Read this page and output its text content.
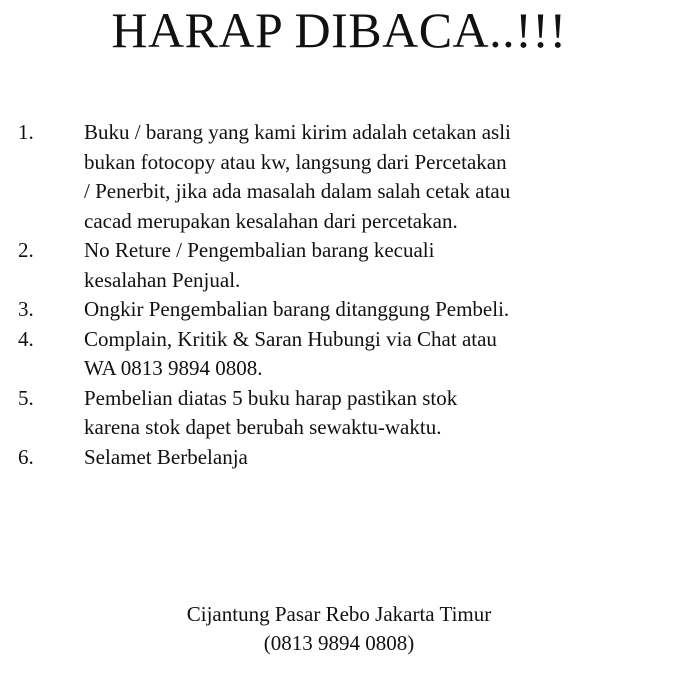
HARAP DIBACA..!!!
1. Buku / barang yang kami kirim adalah cetakan asli
bukan fotocopy atau kw, langsung dari Percetakan
/ Penerbit, jika ada masalah dalam salah cetak atau
cacad merupakan kesalahan dari percetakan.
2. No Reture / Pengembalian barang kecuali
kesalahan Penjual.
3. Ongkir Pengembalian barang ditanggung Pembeli.
4. Complain, Kritik & Saran Hubungi via Chat atau
WA 0813 9894 0808.
5. Pembelian diatas 5 buku harap pastikan stok
karena stok dapet berubah sewaktu-waktu.
6. Selamet Berbelanja
Cijantung Pasar Rebo Jakarta Timur
(0813 9894 0808)
